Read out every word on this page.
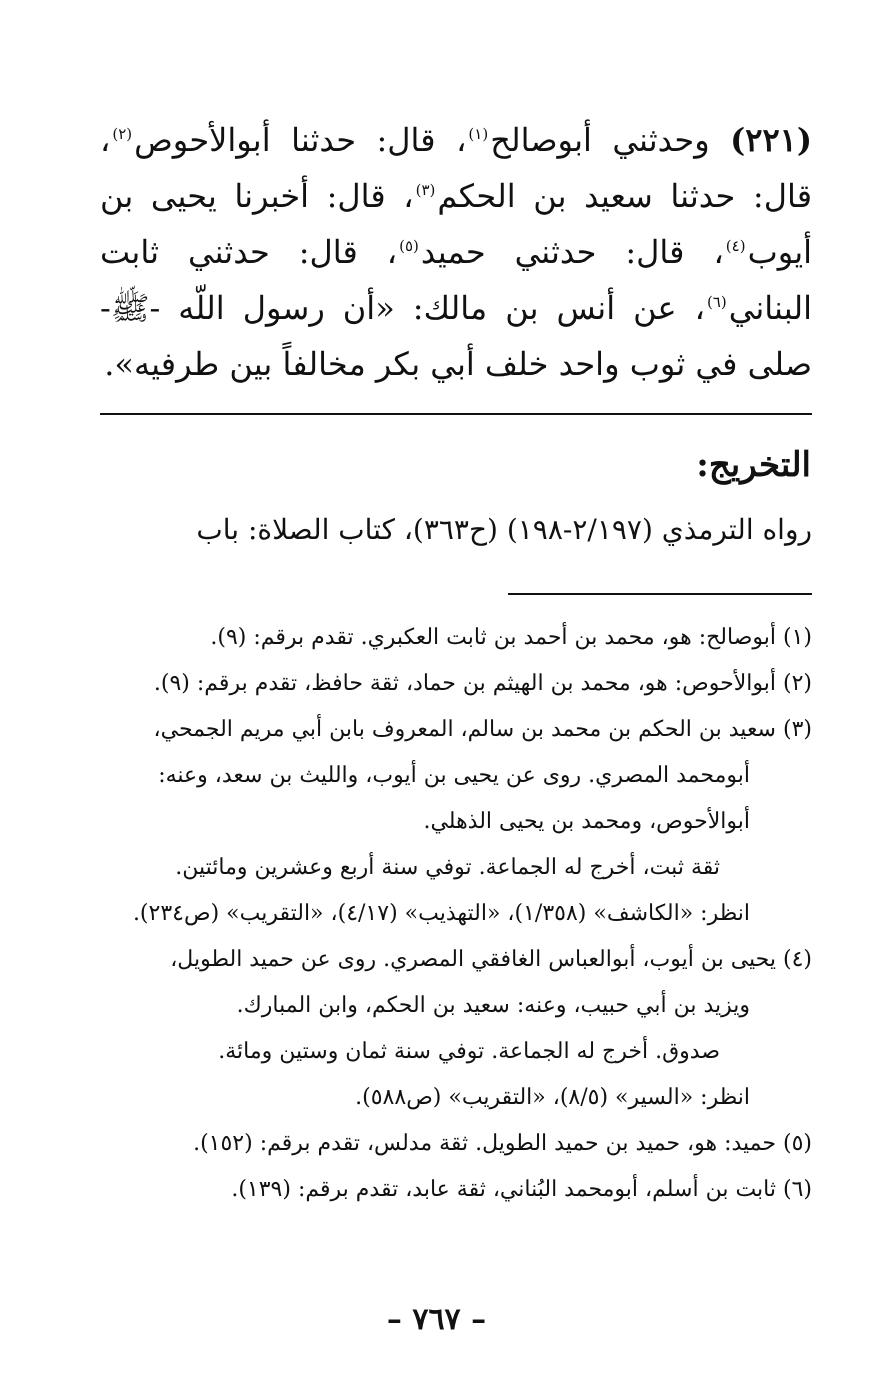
(٢٢١) وحدثني أبوصالح$^{(١)}$، قال: حدثنا أبوالأحوص$^{(٢)}$، قال: حدثنا سعيد بن الحكم$^{(٣)}$، قال: أخبرنا يحيى بن أيوب$^{(٤)}$، قال: حدثني حميد$^{(٥)}$، قال: حدثني ثابت البناني$^{(٦)}$، عن أنس بن مالك: «أن رسول اللّه -ﷺ- صلى في ثوب واحد خلف أبي بكر مخالفاً بين طرفيه».

التخريج:

رواه الترمذي (٢/١٩٧-١٩٨) (ح٣٦٣)، كتاب الصلاة: باب

(١) أبوصالح: هو، محمد بن أحمد بن ثابت العكبري. تقدم برقم: (٩).

(٢) أبوالأحوص: هو، محمد بن الهيثم بن حماد، ثقة حافظ، تقدم برقم: (٩).

(٣) سعيد بن الحكم بن محمد بن سالم، المعروف بابن أبي مريم الجمحي،

أبومحمد المصري. روى عن يحيى بن أيوب، والليث بن سعد، وعنه:

أبوالأحوص، ومحمد بن يحيى الذهلي.

ثقة ثبت، أخرج له الجماعة. توفي سنة أربع وعشرين ومائتين.

انظر: «الكاشف» (١/٣٥٨)، «التهذيب» (٤/١٧)، «التقريب» (ص٢٣٤).

(٤) يحيى بن أيوب، أبوالعباس الغافقي المصري. روى عن حميد الطويل،

ويزيد بن أبي حبيب، وعنه: سعيد بن الحكم، وابن المبارك.

صدوق. أخرج له الجماعة. توفي سنة ثمان وستين ومائة.

انظر: «السير» (٨/٥)، «التقريب» (ص٥٨٨).

(٥) حميد: هو، حميد بن حميد الطويل. ثقة مدلس، تقدم برقم: (١٥٢).

(٦) ثابت بن أسلم، أبومحمد البُناني، ثقة عابد، تقدم برقم: (١٣٩).

– ٧٦٧ –
